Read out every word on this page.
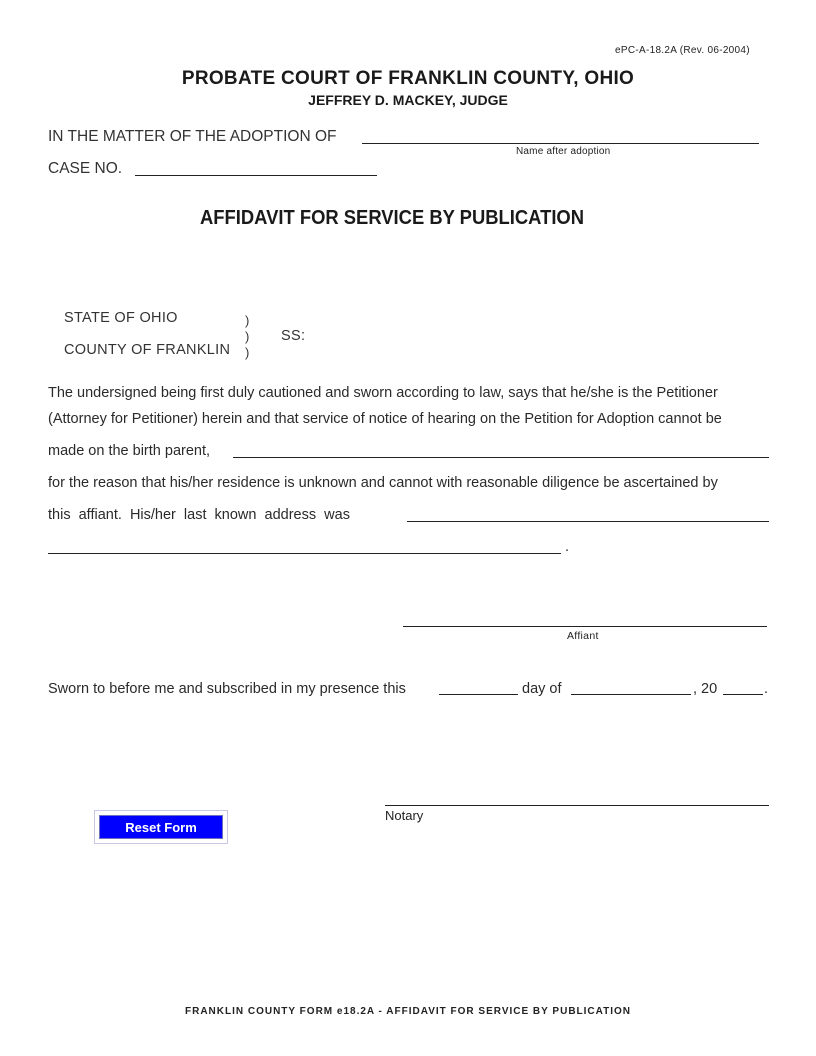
ePC-A-18.2A (Rev. 06-2004)
PROBATE COURT OF FRANKLIN COUNTY, OHIO
JEFFREY D. MACKEY, JUDGE
IN THE MATTER OF THE ADOPTION OF
Name after adoption
CASE NO.
AFFIDAVIT FOR SERVICE BY PUBLICATION
STATE OF OHIO
COUNTY OF FRANKLIN
)
)
)
SS:
The undersigned being first duly cautioned and sworn according to law, says that he/she is the Petitioner
(Attorney for Petitioner) herein and that service of notice of hearing on the Petition for Adoption cannot be
made on the birth parent,
for the reason that his/her residence is unknown and cannot with reasonable diligence be ascertained by
this  affiant.  His/her  last  known  address  was
.
Affiant
Sworn to before me and subscribed in my presence this	day of	, 20	.
Notary
Reset Form
FRANKLIN COUNTY FORM e18.2A - AFFIDAVIT FOR SERVICE BY PUBLICATION
